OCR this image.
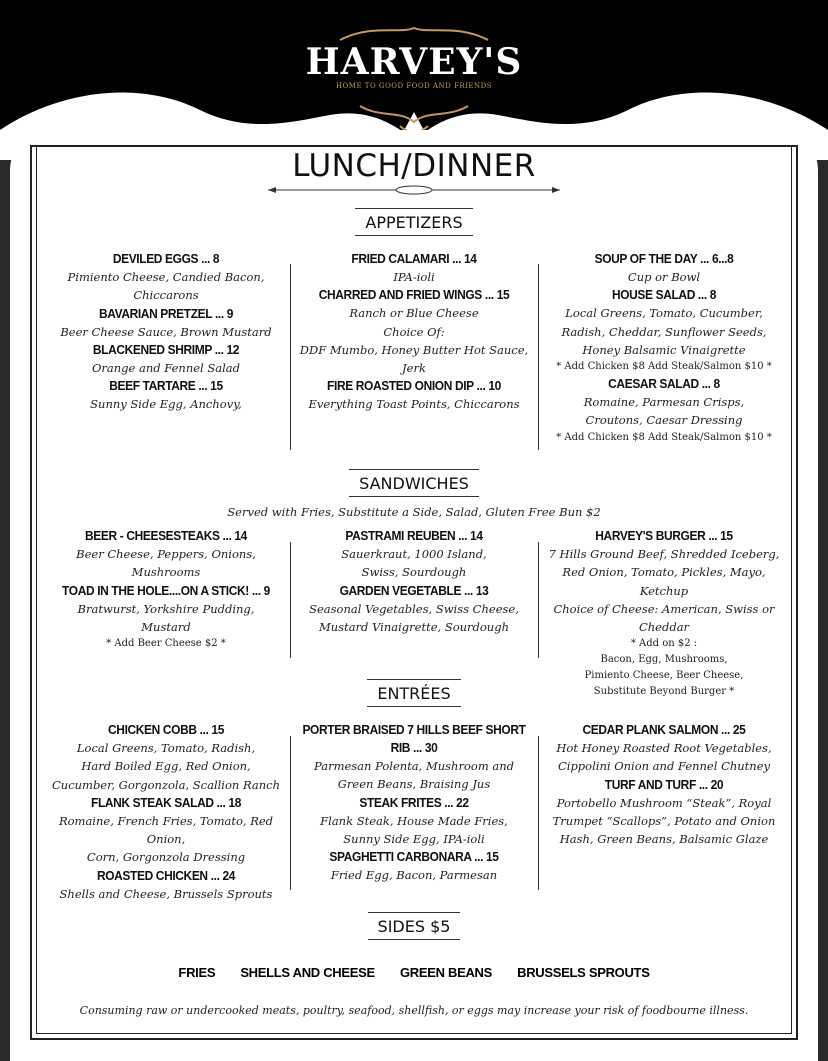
HARVEY'S
HOME TO GOOD FOOD AND FRIENDS
LUNCH/DINNER
APPETIZERS
DEVILED EGGS ... 8
Pimiento Cheese, Candied Bacon,
Chiccarons
BAVARIAN PRETZEL ... 9
Beer Cheese Sauce, Brown Mustard
BLACKENED SHRIMP ... 12
Orange and Fennel Salad
BEEF TARTARE ... 15
Sunny Side Egg, Anchovy,
FRIED CALAMARI ... 14
IPA-ioli
CHARRED AND FRIED WINGS ... 15
Ranch or Blue Cheese
Choice Of:
DDF Mumbo, Honey Butter Hot Sauce, Jerk
FIRE ROASTED ONION DIP ... 10
Everything Toast Points, Chiccarons
SOUP OF THE DAY ... 6...8
Cup or Bowl
HOUSE SALAD ... 8
Local Greens, Tomato, Cucumber,
Radish, Cheddar, Sunflower Seeds,
Honey Balsamic Vinaigrette
* Add Chicken $8 Add Steak/Salmon $10 *
CAESAR SALAD ... 8
Romaine, Parmesan Crisps,
Croutons, Caesar Dressing
* Add Chicken $8 Add Steak/Salmon $10 *
SANDWICHES
Served with Fries, Substitute a Side, Salad, Gluten Free Bun $2
BEER - CHEESESTEAKS ... 14
Beer Cheese, Peppers, Onions,
Mushrooms
TOAD IN THE HOLE....ON A STICK! ... 9
Bratwurst, Yorkshire Pudding,
Mustard
* Add Beer Cheese $2 *
PASTRAMI REUBEN ... 14
Sauerkraut, 1000 Island,
Swiss, Sourdough
GARDEN VEGETABLE ... 13
Seasonal Vegetables, Swiss Cheese,
Mustard Vinaigrette, Sourdough
HARVEY'S BURGER ... 15
7 Hills Ground Beef, Shredded Iceberg,
Red Onion, Tomato, Pickles, Mayo, Ketchup
Choice of Cheese: American, Swiss or Cheddar
* Add on $2 :
Bacon, Egg, Mushrooms,
Pimiento Cheese, Beer Cheese,
Substitute Beyond Burger *
ENTRÉES
CHICKEN COBB ... 15
Local Greens, Tomato, Radish,
Hard Boiled Egg, Red Onion,
Cucumber, Gorgonzola, Scallion Ranch
FLANK STEAK SALAD ... 18
Romaine, French Fries, Tomato, Red Onion,
Corn, Gorgonzola Dressing
ROASTED CHICKEN ... 24
Shells and Cheese, Brussels Sprouts
PORTER BRAISED 7 HILLS BEEF SHORT RIB ... 30
Parmesan Polenta, Mushroom and
Green Beans, Braising Jus
STEAK FRITES ... 22
Flank Steak, House Made Fries,
Sunny Side Egg, IPA-ioli
SPAGHETTI CARBONARA ... 15
Fried Egg, Bacon, Parmesan
CEDAR PLANK SALMON ... 25
Hot Honey Roasted Root Vegetables,
Cippolini Onion and Fennel Chutney
TURF AND TURF ... 20
Portobello Mushroom “Steak”, Royal
Trumpet “Scallops”, Potato and Onion
Hash, Green Beans, Balsamic Glaze
SIDES $5
FRIES SHELLS AND CHEESE GREEN BEANS BRUSSELS SPROUTS
Consuming raw or undercooked meats, poultry, seafood, shellfish, or eggs may increase your risk of foodbourne illness.
